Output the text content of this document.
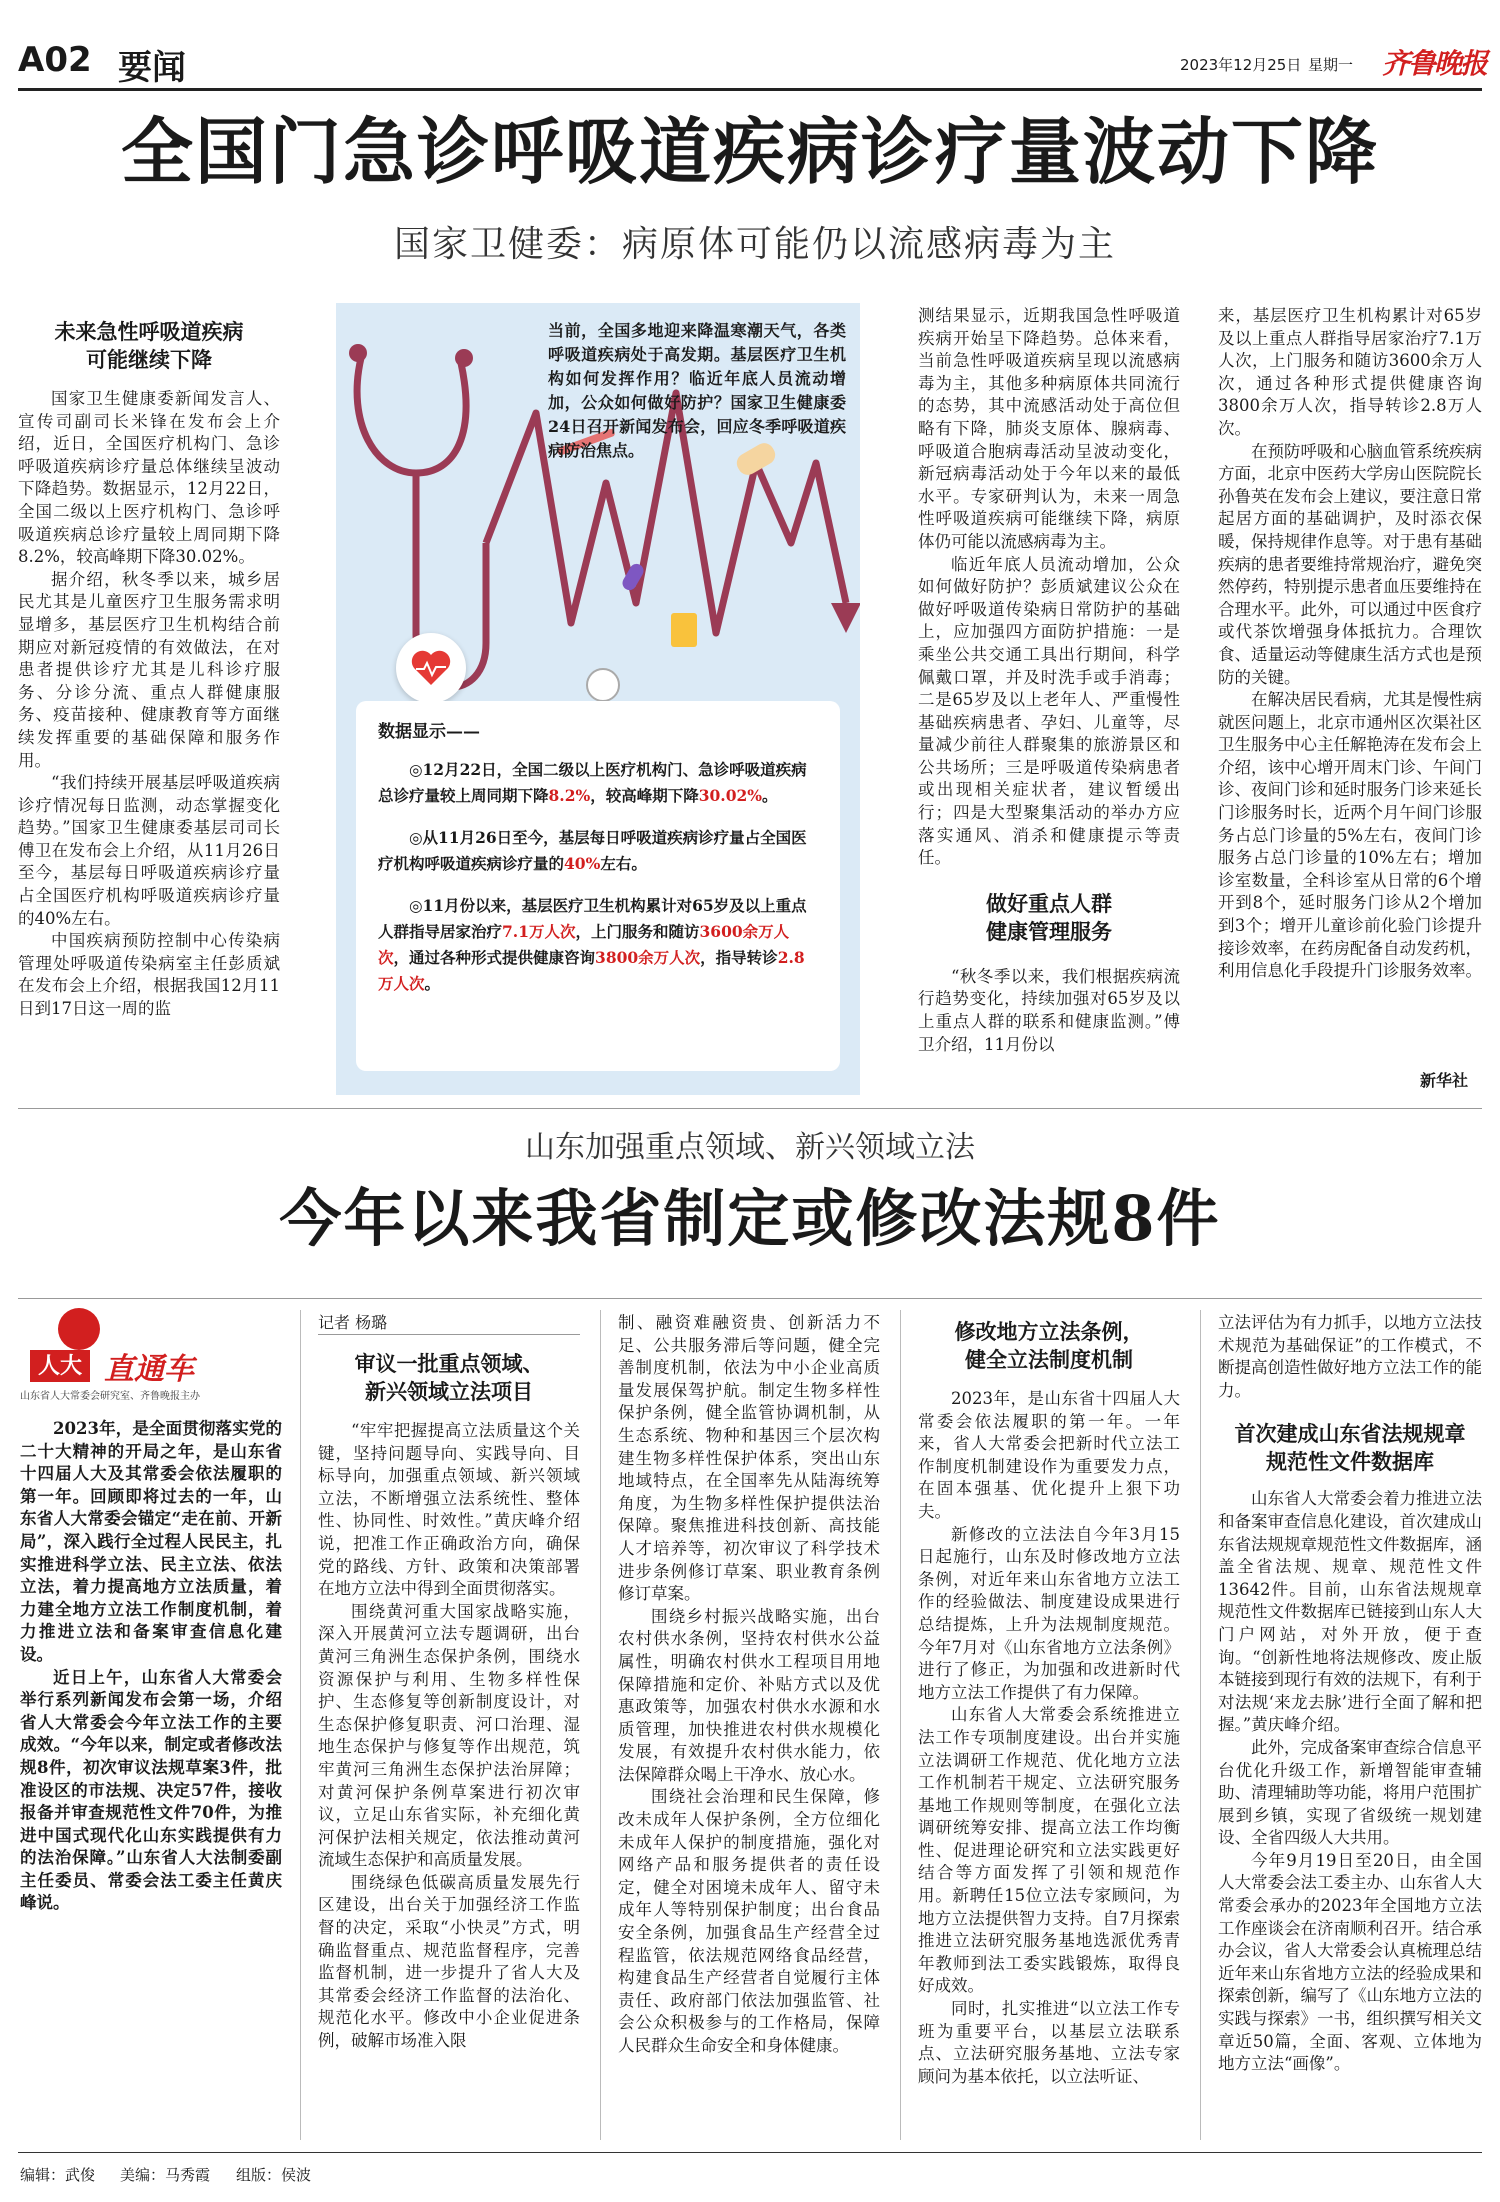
A02 要闻	2023年12月25日 星期一 齐鲁晚报
全国门急诊呼吸道疾病诊疗量波动下降
国家卫健委：病原体可能仍以流感病毒为主
未来急性呼吸道疾病
可能继续下降

国家卫生健康委新闻发言人、宣传司副司长米锋在发布会上介绍，近日，全国医疗机构门、急诊呼吸道疾病诊疗量总体继续呈波动下降趋势。数据显示，12月22日，全国二级以上医疗机构门、急诊呼吸道疾病总诊疗量较上周同期下降8.2%，较高峰期下降30.02%。

据介绍，秋冬季以来，城乡居民尤其是儿童医疗卫生服务需求明显增多，基层医疗卫生机构结合前期应对新冠疫情的有效做法，在对患者提供诊疗尤其是儿科诊疗服务、分诊分流、重点人群健康服务、疫苗接种、健康教育等方面继续发挥重要的基础保障和服务作用。

“我们持续开展基层呼吸道疾病诊疗情况每日监测，动态掌握变化趋势。”国家卫生健康委基层司司长傅卫在发布会上介绍，从11月26日至今，基层每日呼吸道疾病诊疗量占全国医疗机构呼吸道疾病诊疗量的40%左右。

中国疾病预防控制中心传染病管理处呼吸道传染病室主任彭质斌在发布会上介绍，根据我国12月11日到17日这一周的监

当前，全国多地迎来降温寒潮天气，各类呼吸道疾病处于高发期。基层医疗卫生机构如何发挥作用？临近年底人员流动增加，公众如何做好防护？国家卫生健康委24日召开新闻发布会，回应冬季呼吸道疾病防治焦点。
数据显示——
◎12月22日，全国二级以上医疗机构门、急诊呼吸道疾病总诊疗量较上周同期下降8.2%，较高峰期下降30.02%。
◎从11月26日至今，基层每日呼吸道疾病诊疗量占全国医疗机构呼吸道疾病诊疗量的40%左右。
◎11月份以来，基层医疗卫生机构累计对65岁及以上重点人群指导居家治疗7.1万人次，上门服务和随访3600余万人次，通过各种形式提供健康咨询3800余万人次，指导转诊2.8万人次。

测结果显示，近期我国急性呼吸道疾病开始呈下降趋势。总体来看，当前急性呼吸道疾病呈现以流感病毒为主，其他多种病原体共同流行的态势，其中流感活动处于高位但略有下降，肺炎支原体、腺病毒、呼吸道合胞病毒活动呈波动变化，新冠病毒活动处于今年以来的最低水平。专家研判认为，未来一周急性呼吸道疾病可能继续下降，病原体仍可能以流感病毒为主。

临近年底人员流动增加，公众如何做好防护？彭质斌建议公众在做好呼吸道传染病日常防护的基础上，应加强四方面防护措施：一是乘坐公共交通工具出行期间，科学佩戴口罩，并及时洗手或手消毒；二是65岁及以上老年人、严重慢性基础疾病患者、孕妇、儿童等，尽量减少前往人群聚集的旅游景区和公共场所；三是呼吸道传染病患者或出现相关症状者，建议暂缓出行；四是大型聚集活动的举办方应落实通风、消杀和健康提示等责任。

做好重点人群
健康管理服务

“秋冬季以来，我们根据疾病流行趋势变化，持续加强对65岁及以上重点人群的联系和健康监测。”傅卫介绍，11月份以

来，基层医疗卫生机构累计对65岁及以上重点人群指导居家治疗7.1万人次，上门服务和随访3600余万人次，通过各种形式提供健康咨询3800余万人次，指导转诊2.8万人次。

在预防呼吸和心脑血管系统疾病方面，北京中医药大学房山医院院长孙鲁英在发布会上建议，要注意日常起居方面的基础调护，及时添衣保暖，保持规律作息等。对于患有基础疾病的患者要维持常规治疗，避免突然停药，特别提示患者血压要维持在合理水平。此外，可以通过中医食疗或代茶饮增强身体抵抗力。合理饮食、适量运动等健康生活方式也是预防的关键。

在解决居民看病，尤其是慢性病就医问题上，北京市通州区次渠社区卫生服务中心主任解艳涛在发布会上介绍，该中心增开周末门诊、午间门诊、夜间门诊和延时服务门诊来延长门诊服务时长，近两个月午间门诊服务占总门诊量的5%左右，夜间门诊服务占总门诊量的10%左右；增加诊室数量，全科诊室从日常的6个增开到8个，延时服务门诊从2个增加到3个；增开儿童诊前化验门诊提升接诊效率，在药房配备自动发药机，利用信息化手段提升门诊服务效率。

新华社
山东加强重点领域、新兴领域立法
今年以来我省制定或修改法规8件
人大 直通车
山东省人大常委会研究室、齐鲁晚报主办

2023年，是全面贯彻落实党的二十大精神的开局之年，是山东省十四届人大及其常委会依法履职的第一年。回顾即将过去的一年，山东省人大常委会锚定“走在前、开新局”，深入践行全过程人民民主，扎实推进科学立法、民主立法、依法立法，着力提高地方立法质量，着力建全地方立法工作制度机制，着力推进立法和备案审查信息化建设。

近日上午，山东省人大常委会举行系列新闻发布会第一场，介绍省人大常委会今年立法工作的主要成效。“今年以来，制定或者修改法规8件，初次审议法规草案3件，批准设区的市法规、决定57件，接收报备并审查规范性文件70件，为推进中国式现代化山东实践提供有力的法治保障。”山东省人大法制委副主任委员、常委会法工委主任黄庆峰说。

记者 杨璐
审议一批重点领域、
新兴领域立法项目

“牢牢把握提高立法质量这个关键，坚持问题导向、实践导向、目标导向，加强重点领域、新兴领域立法，不断增强立法系统性、整体性、协同性、时效性。”黄庆峰介绍说，把准工作正确政治方向，确保党的路线、方针、政策和决策部署在地方立法中得到全面贯彻落实。

围绕黄河重大国家战略实施，深入开展黄河立法专题调研，出台黄河三角洲生态保护条例，围绕水资源保护与利用、生物多样性保护、生态修复等创新制度设计，对生态保护修复职责、河口治理、湿地生态保护与修复等作出规范，筑牢黄河三角洲生态保护法治屏障；对黄河保护条例草案进行初次审议，立足山东省实际，补充细化黄河保护法相关规定，依法推动黄河流域生态保护和高质量发展。

围绕绿色低碳高质量发展先行区建设，出台关于加强经济工作监督的决定，采取“小快灵”方式，明确监督重点、规范监督程序，完善监督机制，进一步提升了省人大及其常委会经济工作监督的法治化、规范化水平。修改中小企业促进条例，破解市场准入限

制、融资难融资贵、创新活力不足、公共服务滞后等问题，健全完善制度机制，依法为中小企业高质量发展保驾护航。制定生物多样性保护条例，健全监管协调机制，从生态系统、物种和基因三个层次构建生物多样性保护体系，突出山东地域特点，在全国率先从陆海统筹角度，为生物多样性保护提供法治保障。聚焦推进科技创新、高技能人才培养等，初次审议了科学技术进步条例修订草案、职业教育条例修订草案。

围绕乡村振兴战略实施，出台农村供水条例，坚持农村供水公益属性，明确农村供水工程项目用地保障措施和定价、补贴方式以及优惠政策等，加强农村供水水源和水质管理，加快推进农村供水规模化发展，有效提升农村供水能力，依法保障群众喝上干净水、放心水。

围绕社会治理和民生保障，修改未成年人保护条例，全方位细化未成年人保护的制度措施，强化对网络产品和服务提供者的责任设定，健全对困境未成年人、留守未成年人等特别保护制度；出台食品安全条例，加强食品生产经营全过程监管，依法规范网络食品经营，构建食品生产经营者自觉履行主体责任、政府部门依法加强监管、社会公众积极参与的工作格局，保障人民群众生命安全和身体健康。

修改地方立法条例，
健全立法制度机制

2023年，是山东省十四届人大常委会依法履职的第一年。一年来，省人大常委会把新时代立法工作制度机制建设作为重要发力点，在固本强基、优化提升上狠下功夫。

新修改的立法法自今年3月15日起施行，山东及时修改地方立法条例，对近年来山东省地方立法工作的经验做法、制度建设成果进行总结提炼，上升为法规制度规范。今年7月对《山东省地方立法条例》进行了修正，为加强和改进新时代地方立法工作提供了有力保障。

山东省人大常委会系统推进立法工作专项制度建设。出台并实施立法调研工作规范、优化地方立法工作机制若干规定、立法研究服务基地工作规则等制度，在强化立法调研统筹安排、提高立法工作均衡性、促进理论研究和立法实践更好结合等方面发挥了引领和规范作用。新聘任15位立法专家顾问，为地方立法提供智力支持。自7月探索推进立法研究服务基地选派优秀青年教师到法工委实践锻炼，取得良好成效。

同时，扎实推进“以立法工作专班为重要平台，以基层立法联系点、立法研究服务基地、立法专家顾问为基本依托，以立法听证、

立法评估为有力抓手，以地方立法技术规范为基础保证”的工作模式，不断提高创造性做好地方立法工作的能力。

首次建成山东省法规规章
规范性文件数据库

山东省人大常委会着力推进立法和备案审查信息化建设，首次建成山东省法规规章规范性文件数据库，涵盖全省法规、规章、规范性文件13642件。目前，山东省法规规章规范性文件数据库已链接到山东人大门户网站，对外开放，便于查询。“创新性地将法规修改、废止版本链接到现行有效的法规下，有利于对法规‘来龙去脉’进行全面了解和把握。”黄庆峰介绍。

此外，完成备案审查综合信息平台优化升级工作，新增智能审查辅助、清理辅助等功能，将用户范围扩展到乡镇，实现了省级统一规划建设、全省四级人大共用。

今年9月19日至20日，由全国人大常委会法工委主办、山东省人大常委会承办的2023年全国地方立法工作座谈会在济南顺利召开。结合承办会议，省人大常委会认真梳理总结近年来山东省地方立法的经验成果和探索创新，编写了《山东地方立法的实践与探索》一书，组织撰写相关文章近50篇，全面、客观、立体地为地方立法“画像”。

编辑：武俊 美编：马秀霞 组版：侯波
